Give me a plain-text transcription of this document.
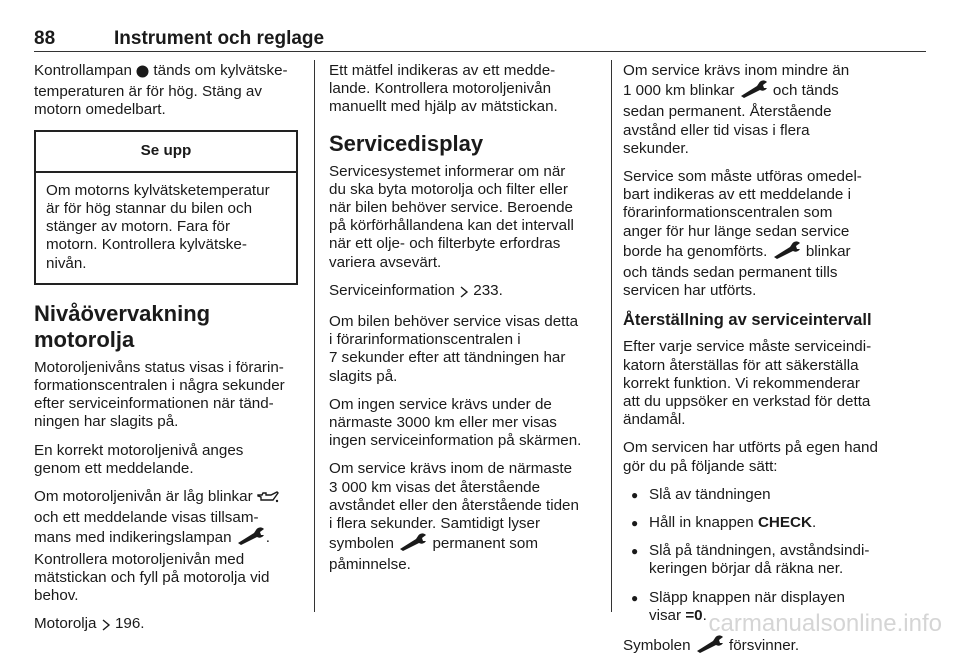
88	Instrument och reglage

Kontrollampan tänds om kylvätske-
temperaturen är för hög. Stäng av
motorn omedelbart.

Se upp
Om motorns kylvätsketemperatur
är för hög stannar du bilen och
stänger av motorn. Fara för
motorn. Kontrollera kylvätske-
nivån.
Nivåövervakning motorolja

Motoroljenivåns status visas i förarin-
formationscentralen i några sekunder
efter serviceinformationen när tänd-
ningen har slagits på.

En korrekt motoroljenivå anges
genom ett meddelande.

Om motoroljenivån är låg blinkar
och ett meddelande visas tillsam-
mans med indikeringslampan .
Kontrollera motoroljenivån med
mätstickan och fyll på motorolja vid
behov.

Motorolja 196.

Ett mätfel indikeras av ett medde-
lande. Kontrollera motoroljenivån
manuellt med hjälp av mätstickan.

Servicedisplay

Servicesystemet informerar om när
du ska byta motorolja och filter eller
när bilen behöver service. Beroende
på körförhållandena kan det intervall
när ett olje- och filterbyte erfordras
variera avsevärt.

Serviceinformation 233.

Om bilen behöver service visas detta
i förarinformationscentralen i
7 sekunder efter att tändningen har
slagits på.

Om ingen service krävs under de
närmaste 3000 km eller mer visas
ingen serviceinformation på skärmen.

Om service krävs inom de närmaste
3 000 km visas det återstående
avståndet eller den återstående tiden
i flera sekunder. Samtidigt lyser
symbolen	permanent som
påminnelse.

Om service krävs inom mindre än
1 000 km blinkar	och tänds
sedan permanent. Återstående
avstånd eller tid visas i flera
sekunder.

Service som måste utföras omedel-
bart indikeras av ett meddelande i
förarinformationscentralen som
anger för hur länge sedan service
borde ha genomförts.	blinkar
och tänds sedan permanent tills
servicen har utförts.

Återställning av serviceintervall

Efter varje service måste serviceindi-
katorn återställas för att säkerställa
korrekt funktion. Vi rekommenderar
att du uppsöker en verkstad för detta
ändamål.

Om servicen har utförts på egen hand
gör du på följande sätt:

● Slå av tändningen
● Håll in knappen CHECK.
● Slå på tändningen, avståndsindi-
keringen börjar då räkna ner.
● Släpp knappen när displayen
visar =0.

Symbolen	försvinner.

carmanualsonline.info
